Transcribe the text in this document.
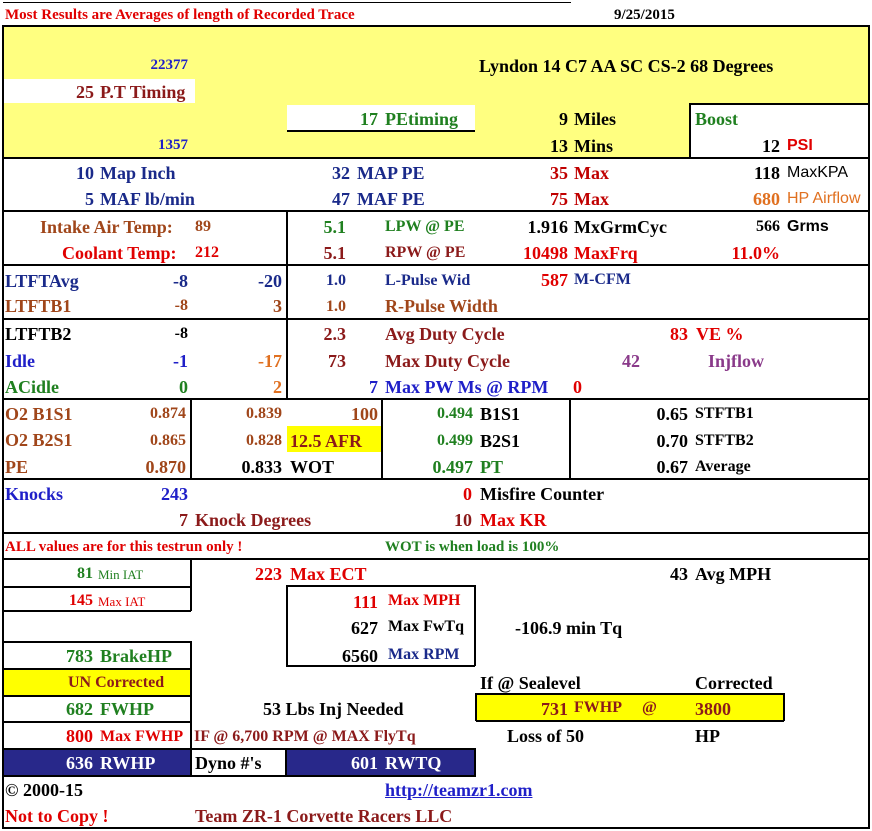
Most Results are Averages of length of Recorded Trace	9/25/2015
22377	Lyndon 14 C7 AA SC CS-2 68 Degrees
25 P.T Timing
17 PEtiming	9 Miles	Boost
1357	13 Mins	12 PSI
10 Map Inch	32 MAP PE	35 Max	118 MaxKPA
5 MAF lb/min	47 MAF PE	75 Max	680 HP Airflow
Intake Air Temp: 89	5.1 LPW @ PE	1.916 MxGrmCyc	566 Grms
Coolant Temp: 212	5.1 RPW @ PE	10498 MaxFrq	11.0%
LTFTAvg	-8	-20	1.0 L-Pulse Wid	587 M-CFM
LTFTB1	-8	3	1.0 R-Pulse Width
LTFTB2	-8	2.3 Avg Duty Cycle	83 VE %
Idle	-1	-17	73 Max Duty Cycle	42	Injflow
ACidle	0	2	7 Max PW Ms @ RPM 0
O2 B1S1	0.874	0.839	100	0.494 B1S1	0.65 STFTB1
O2 B2S1	0.865	0.828 12.5 AFR	0.499 B2S1	0.70 STFTB2
PE	0.870	0.833 WOT	0.497 PT	0.67 Average
Knocks	243	0 Misfire Counter
7 Knock Degrees	10 Max KR
ALL values are for this testrun only !	WOT is when load is 100%
81 Min IAT	223 Max ECT	43 Avg MPH
145 Max IAT	111 Max MPH
627 Max FwTq	-106.9 min Tq
783 BrakeHP	6560 Max RPM
UN Corrected	If @ Sealevel	Corrected
682 FWHP	53 Lbs Inj Needed	731 FWHP @ 3800
800 Max FWHP IF @ 6,700 RPM @ MAX FlyTq	Loss of 50	HP
636 RWHP Dyno #'s	601 RWTQ
© 2000-15	http://teamzr1.com
Not to Copy !	Team ZR-1 Corvette Racers LLC
